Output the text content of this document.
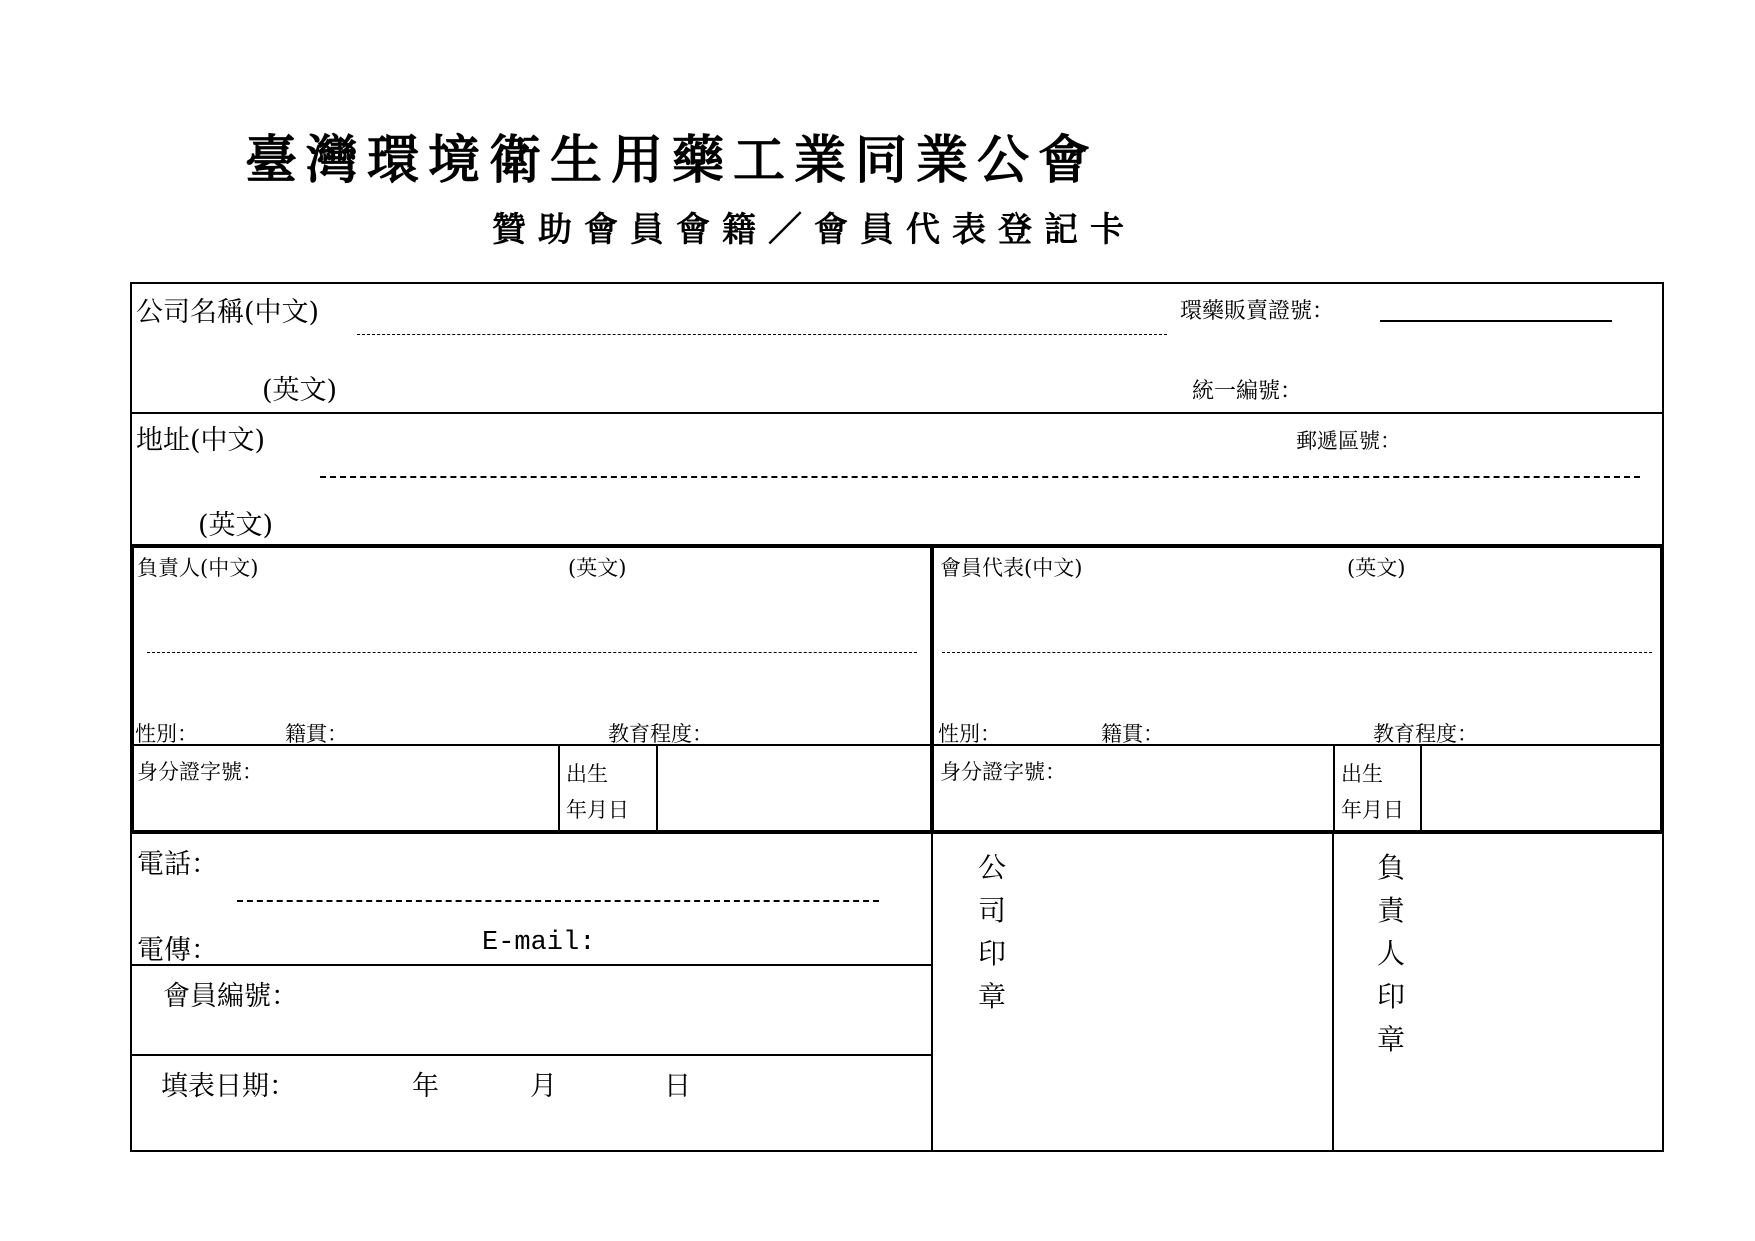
臺灣環境衛生用藥工業同業公會
贊助會員會籍／會員代表登記卡
公司名稱(中文)	環藥販賣證號：
(英文)	統一編號：
地址(中文)	郵遞區號：
(英文)
負責人(中文)	(英文)
性別：	籍貫：	教育程度：
身分證字號：	出生
年月日
會員代表(中文)	(英文)
性別：	籍貫：	教育程度：
身分證字號：	出生
年月日
電話：
電傳：	E-mail:
會員編號：
填表日期：	年	月	日
公
司
印
章
負
責
人
印
章
